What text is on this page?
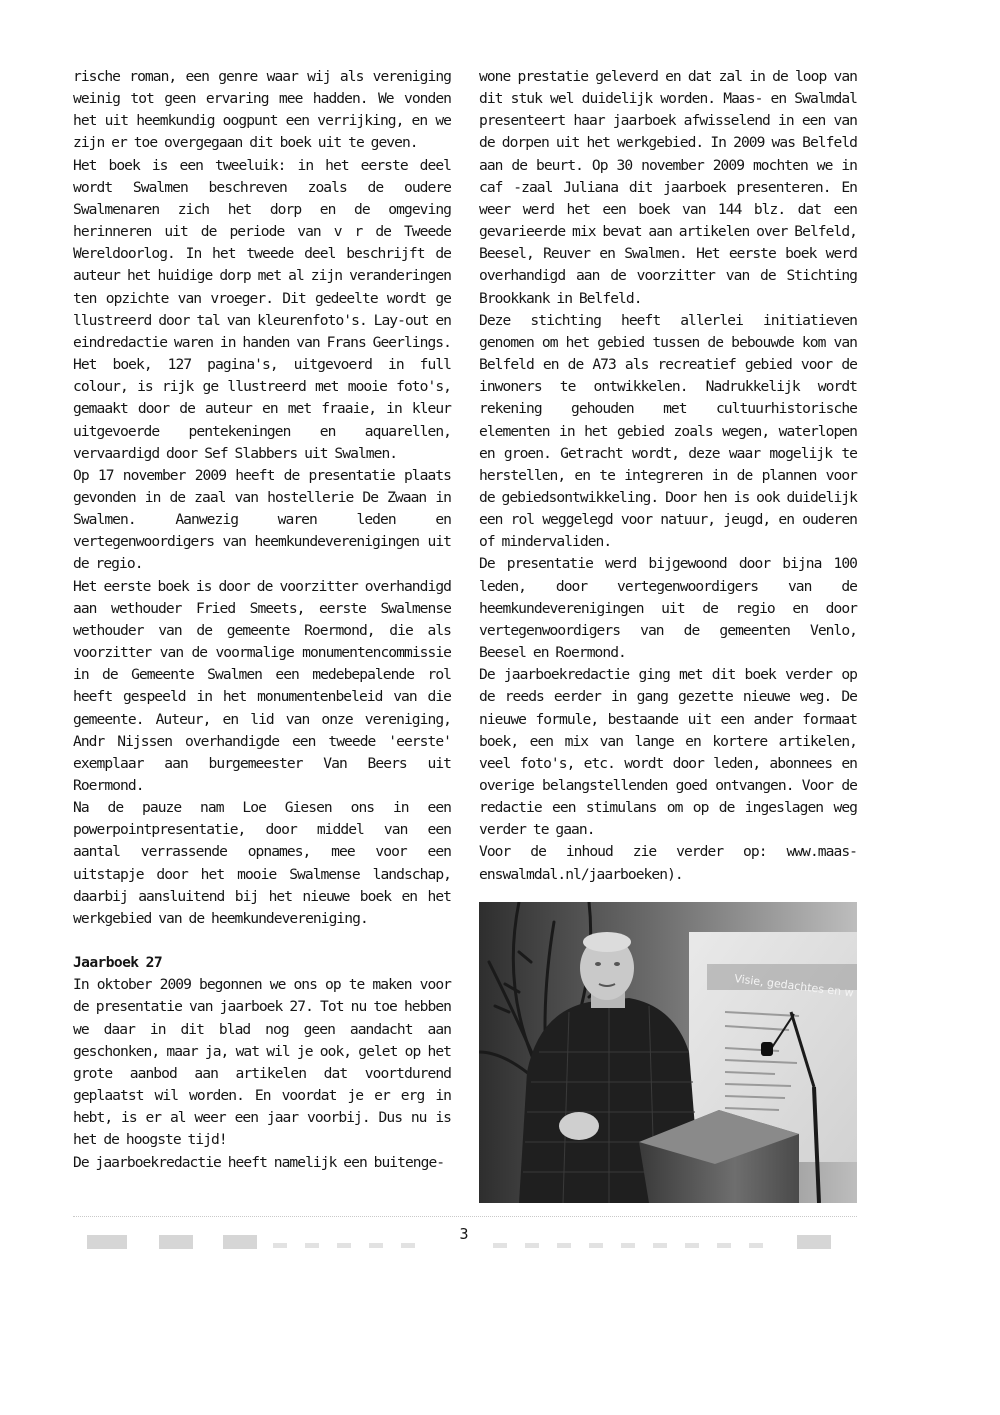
rische roman, een genre waar wij als vereniging weinig tot geen ervaring mee hadden. We vonden het uit heemkundig oogpunt een verrijking, en we zijn er toe overgegaan dit boek uit te geven.

Het boek is een tweeluik: in het eerste deel wordt Swalmen beschreven zoals de oudere Swalmenaren zich het dorp en de omgeving herinneren uit de periode van v r de Tweede Wereldoorlog. In het tweede deel beschrijft de auteur het huidige dorp met al zijn veranderingen ten opzichte van vroeger. Dit gedeelte wordt ge llustreerd door tal van kleurenfoto's. Lay-out en eindredactie waren in handen van Frans Geerlings.

Het boek, 127 pagina's, uitgevoerd in full colour, is rijk ge llustreerd met mooie foto's, gemaakt door de auteur en met fraaie, in kleur uitgevoerde pentekeningen en aquarellen, vervaardigd door Sef Slabbers uit Swalmen.

Op 17 november 2009 heeft de presentatie plaats gevonden in de zaal van hostellerie De Zwaan in Swalmen. Aanwezig waren leden en vertegenwoordigers van heemkundeverenigingen uit de regio.

Het eerste boek is door de voorzitter overhandigd aan wethouder Fried Smeets, eerste Swalmense wethouder van de gemeente Roermond, die als voorzitter van de voormalige monumentencommissie in de Gemeente Swalmen een medebepalende rol heeft gespeeld in het monumentenbeleid van die gemeente. Auteur, en lid van onze vereniging, Andr Nijssen overhandigde een tweede 'eerste' exemplaar aan burgemeester Van Beers uit Roermond.

Na de pauze nam Loe Giesen ons in een powerpointpresentatie, door middel van een aantal verrassende opnames, mee voor een uitstapje door het mooie Swalmense landschap, daarbij aansluitend bij het nieuwe boek en het werkgebied van de heemkundevereniging.

Jaarboek 27

In oktober 2009 begonnen we ons op te maken voor de presentatie van jaarboek 27. Tot nu toe hebben we daar in dit blad nog geen aandacht aan geschonken, maar ja, wat wil je ook, gelet op het grote aanbod aan artikelen dat voortdurend geplaatst wil worden. En voordat je er erg in hebt, is er al weer een jaar voorbij. Dus nu is het de hoogste tijd!

De jaarboekredactie heeft namelijk een buitenge-

wone prestatie geleverd en dat zal in de loop van dit stuk wel duidelijk worden. Maas- en Swalmdal presenteert haar jaarboek afwisselend in een van de dorpen uit het werkgebied. In 2009 was Belfeld aan de beurt. Op 30 november 2009 mochten we in caf -zaal Juliana dit jaarboek presenteren. En weer werd het een boek van 144 blz. dat een gevarieerde mix bevat aan artikelen over Belfeld, Beesel, Reuver en Swalmen. Het eerste boek werd overhandigd aan de voorzitter van de Stichting Brookkank in Belfeld.

Deze stichting heeft allerlei initiatieven genomen om het gebied tussen de bebouwde kom van Belfeld en de A73 als recreatief gebied voor de inwoners te ontwikkelen. Nadrukkelijk wordt rekening gehouden met cultuurhistorische elementen in het gebied zoals wegen, waterlopen en groen. Getracht wordt, deze waar mogelijk te herstellen, en te integreren in de plannen voor de gebiedsontwikkeling. Door hen is ook duidelijk een rol weggelegd voor natuur, jeugd, en ouderen of mindervaliden.

De presentatie werd bijgewoond door bijna 100 leden, door vertegenwoordigers van de heemkundeverenigingen uit de regio en door vertegenwoordigers van de gemeenten Venlo, Beesel en Roermond.

De jaarboekredactie ging met dit boek verder op de reeds eerder in gang gezette nieuwe weg. De nieuwe formule, bestaande uit een ander formaat boek, een mix van lange en kortere artikelen, veel foto's, etc. wordt door leden, abonnees en overige belangstellenden goed ontvangen. Voor de redactie een stimulans om op de ingeslagen weg verder te gaan.

Voor de inhoud zie verder op: www.maas-enswalmdal.nl/jaarboeken).

Visie, gedachtes en w
3
